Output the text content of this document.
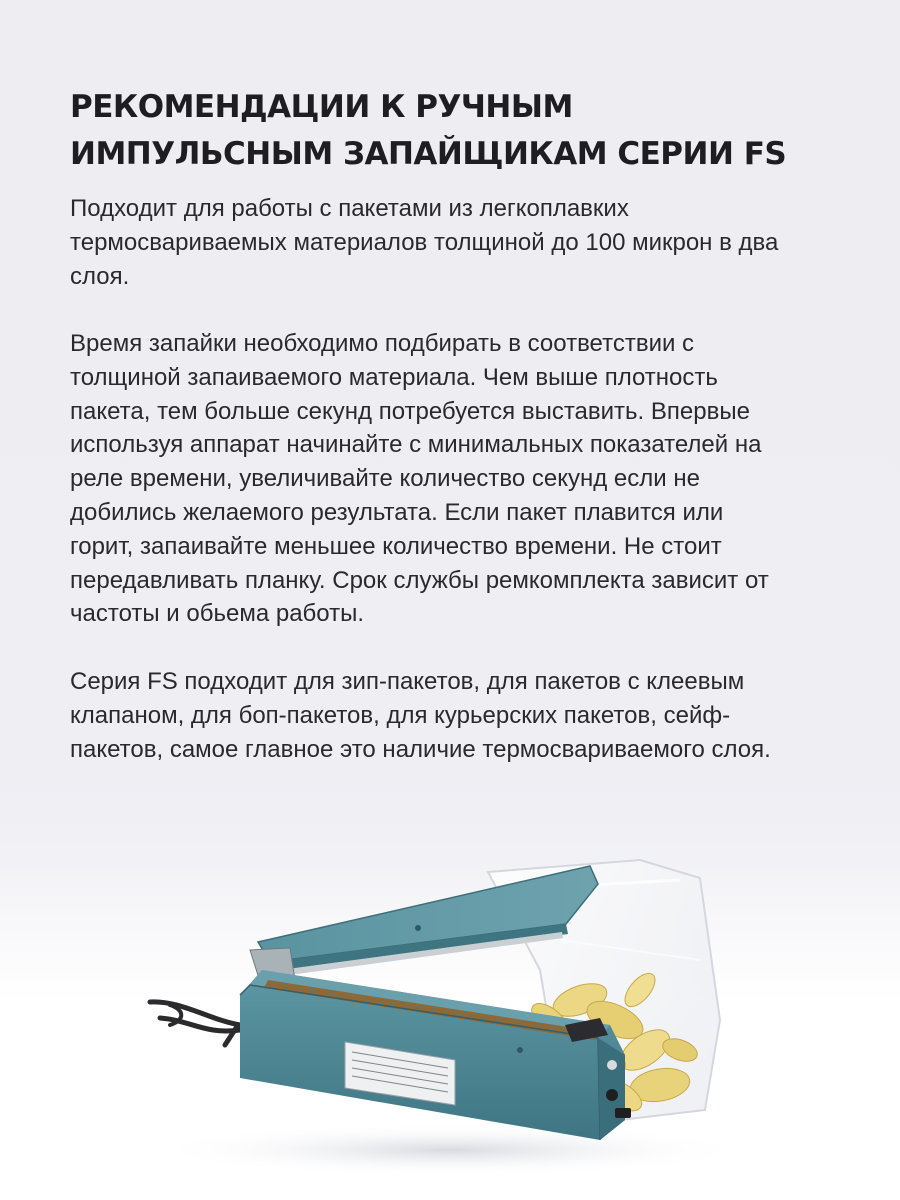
РЕКОМЕНДАЦИИ К РУЧНЫМ
ИМПУЛЬСНЫМ ЗАПАЙЩИКАМ СЕРИИ FS
Подходит для работы с пакетами из легкоплавких
термосвариваемых материалов толщиной до 100 микрон в два
слоя.
Время запайки необходимо подбирать в соответствии с
толщиной запаиваемого материала. Чем выше плотность
пакета, тем больше секунд потребуется выставить. Впервые
используя аппарат начинайте с минимальных показателей на
реле времени, увеличивайте количество секунд если не
добились желаемого результата. Если пакет плавится или
горит, запаивайте меньшее количество времени. Не стоит
передавливать планку. Срок службы ремкомплекта зависит от
частоты и обьема работы.
Серия FS подходит для зип-пакетов, для пакетов с клеевым
клапаном, для боп-пакетов, для курьерских пакетов, сейф-
пакетов, самое главное это наличие термосвариваемого слоя.
